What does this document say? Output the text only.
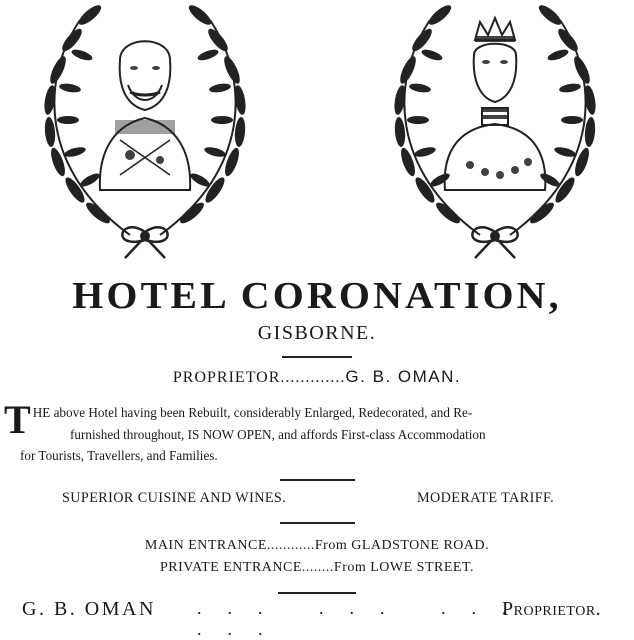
HOTEL CORONATION,
GISBORNE.
PROPRIETOR.............G. B. OMAN.
T HE above Hotel having been Rebuilt, considerably Enlarged, Redecorated, and Re-
furnished throughout, IS NOW OPEN, and affords First-class Accommodation
for Tourists, Travellers, and Families.
SUPERIOR CUISINE AND WINES.	MODERATE TARIFF.
MAIN ENTRANCE............From GLADSTONE ROAD.
PRIVATE ENTRANCE........From LOWE STREET.
G. B. OMAN ... ... ... ...
Proprietor.
